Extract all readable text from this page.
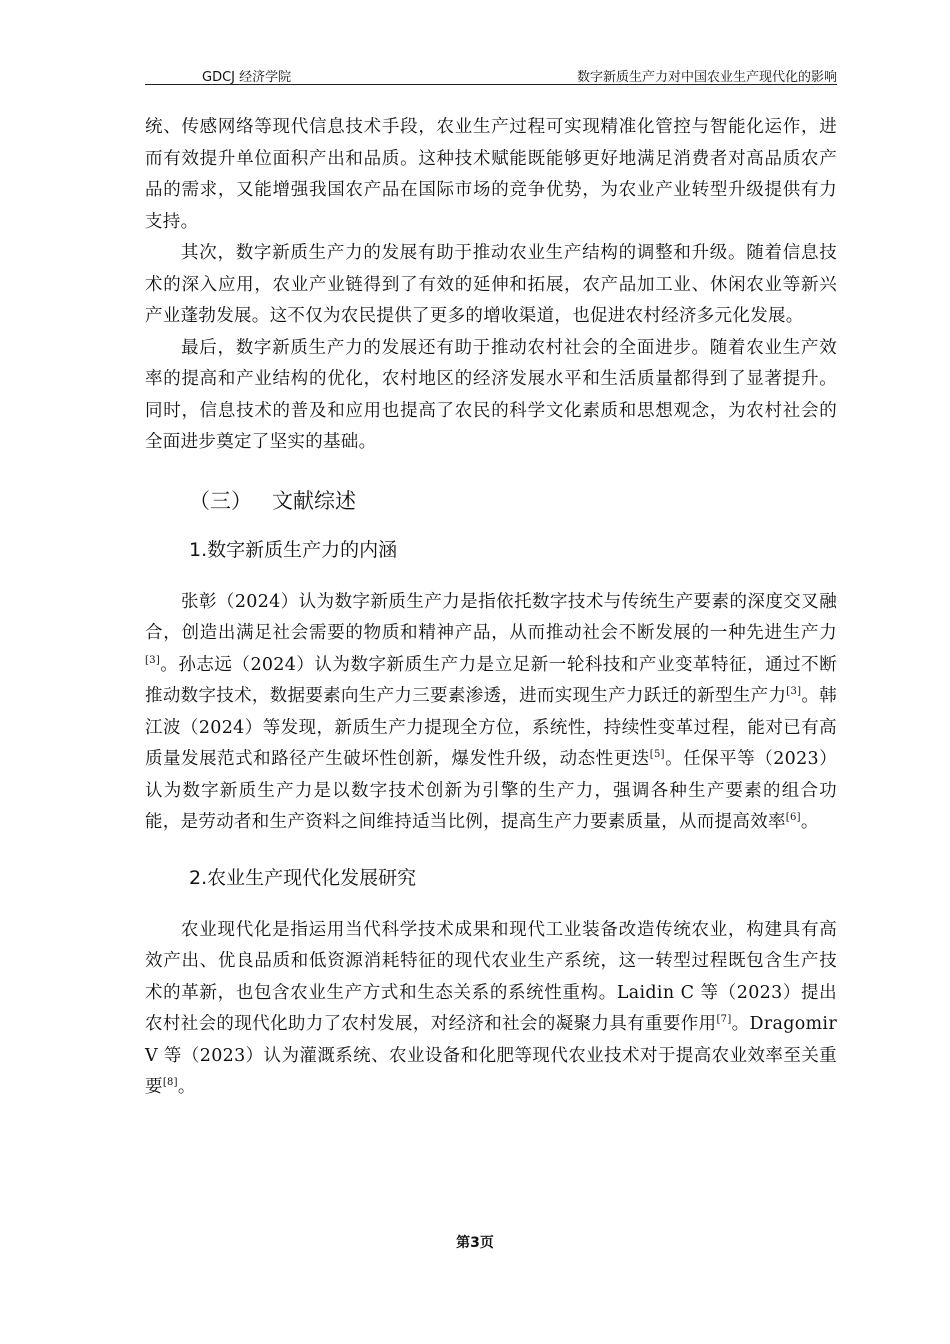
GDCJ 经济学院	数字新质生产力对中国农业生产现代化的影响

统、传感网络等现代信息技术手段，农业生产过程可实现精准化管控与智能化运作，进而有效提升单位面积产出和品质。这种技术赋能既能够更好地满足消费者对高品质农产品的需求，又能增强我国农产品在国际市场的竞争优势，为农业产业转型升级提供有力支持。

其次，数字新质生产力的发展有助于推动农业生产结构的调整和升级。随着信息技术的深入应用，农业产业链得到了有效的延伸和拓展，农产品加工业、休闲农业等新兴产业蓬勃发展。这不仅为农民提供了更多的增收渠道，也促进农村经济多元化发展。

最后，数字新质生产力的发展还有助于推动农村社会的全面进步。随着农业生产效率的提高和产业结构的优化，农村地区的经济发展水平和生活质量都得到了显著提升。同时，信息技术的普及和应用也提高了农民的科学文化素质和思想观念，为农村社会的全面进步奠定了坚实的基础。

（三） 文献综述
1.数字新质生产力的内涵

张彰（2024）认为数字新质生产力是指依托数字技术与传统生产要素的深度交叉融合，创造出满足社会需要的物质和精神产品，从而推动社会不断发展的一种先进生产力[3]。孙志远（2024）认为数字新质生产力是立足新一轮科技和产业变革特征，通过不断推动数字技术，数据要素向生产力三要素渗透，进而实现生产力跃迁的新型生产力[3]。韩江波（2024）等发现，新质生产力提现全方位，系统性，持续性变革过程，能对已有高质量发展范式和路径产生破坏性创新，爆发性升级，动态性更迭[5]。任保平等（2023）认为数字新质生产力是以数字技术创新为引擎的生产力，强调各种生产要素的组合功能，是劳动者和生产资料之间维持适当比例，提高生产力要素质量，从而提高效率[6]。

2.农业生产现代化发展研究

农业现代化是指运用当代科学技术成果和现代工业装备改造传统农业，构建具有高效产出、优良品质和低资源消耗特征的现代农业生产系统，这一转型过程既包含生产技术的革新，也包含农业生产方式和生态关系的系统性重构。Laidin C 等（2023）提出农村社会的现代化助力了农村发展，对经济和社会的凝聚力具有重要作用[7]。Dragomir V 等（2023）认为灌溉系统、农业设备和化肥等现代农业技术对于提高农业效率至关重要[8]。

第3页
